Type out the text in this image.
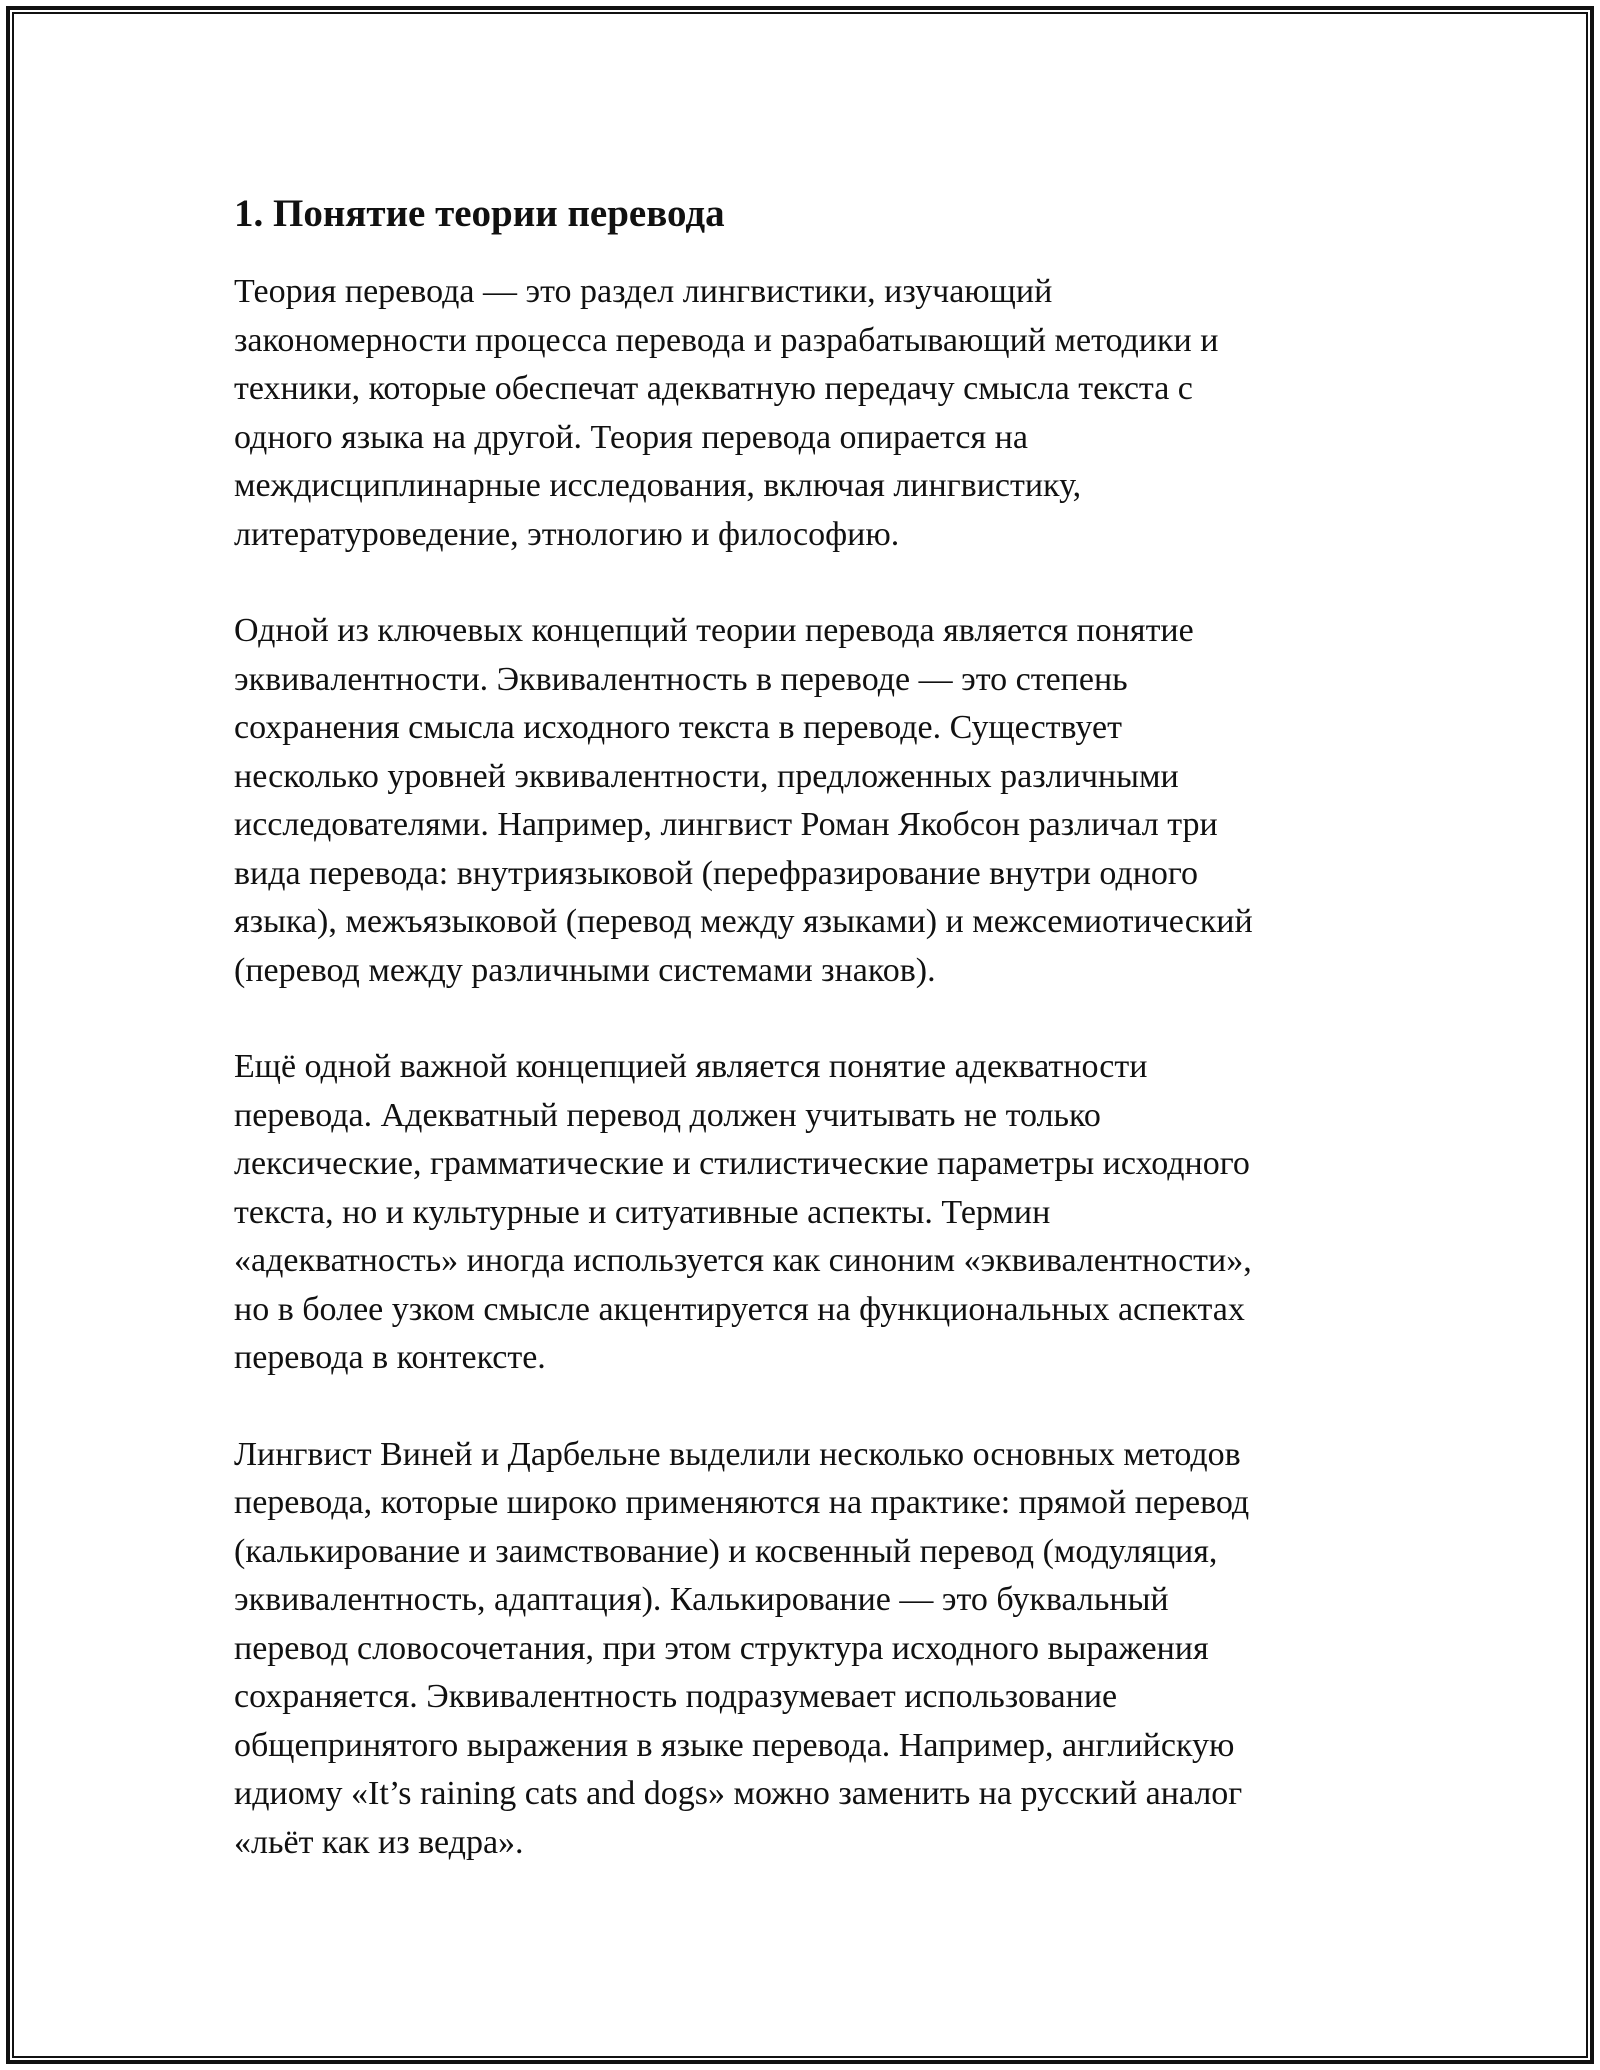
1. Понятие теории перевода

Теория перевода — это раздел лингвистики, изучающий
закономерности процесса перевода и разрабатывающий методики и
техники, которые обеспечат адекватную передачу смысла текста с
одного языка на другой. Теория перевода опирается на
междисциплинарные исследования, включая лингвистику,
литературоведение, этнологию и философию.

Одной из ключевых концепций теории перевода является понятие
эквивалентности. Эквивалентность в переводе — это степень
сохранения смысла исходного текста в переводе. Существует
несколько уровней эквивалентности, предложенных различными
исследователями. Например, лингвист Роман Якобсон различал три
вида перевода: внутриязыковой (перефразирование внутри одного
языка), межъязыковой (перевод между языками) и межсемиотический
(перевод между различными системами знаков).

Ещё одной важной концепцией является понятие адекватности
перевода. Адекватный перевод должен учитывать не только
лексические, грамматические и стилистические параметры исходного
текста, но и культурные и ситуативные аспекты. Термин
«адекватность» иногда используется как синоним «эквивалентности»,
но в более узком смысле акцентируется на функциональных аспектах
перевода в контексте.

Лингвист Виней и Дарбельне выделили несколько основных методов
перевода, которые широко применяются на практике: прямой перевод
(калькирование и заимствование) и косвенный перевод (модуляция,
эквивалентность, адаптация). Калькирование — это буквальный
перевод словосочетания, при этом структура исходного выражения
сохраняется. Эквивалентность подразумевает использование
общепринятого выражения в языке перевода. Например, английскую
идиому «It’s raining cats and dogs» можно заменить на русский аналог
«льёт как из ведра».
